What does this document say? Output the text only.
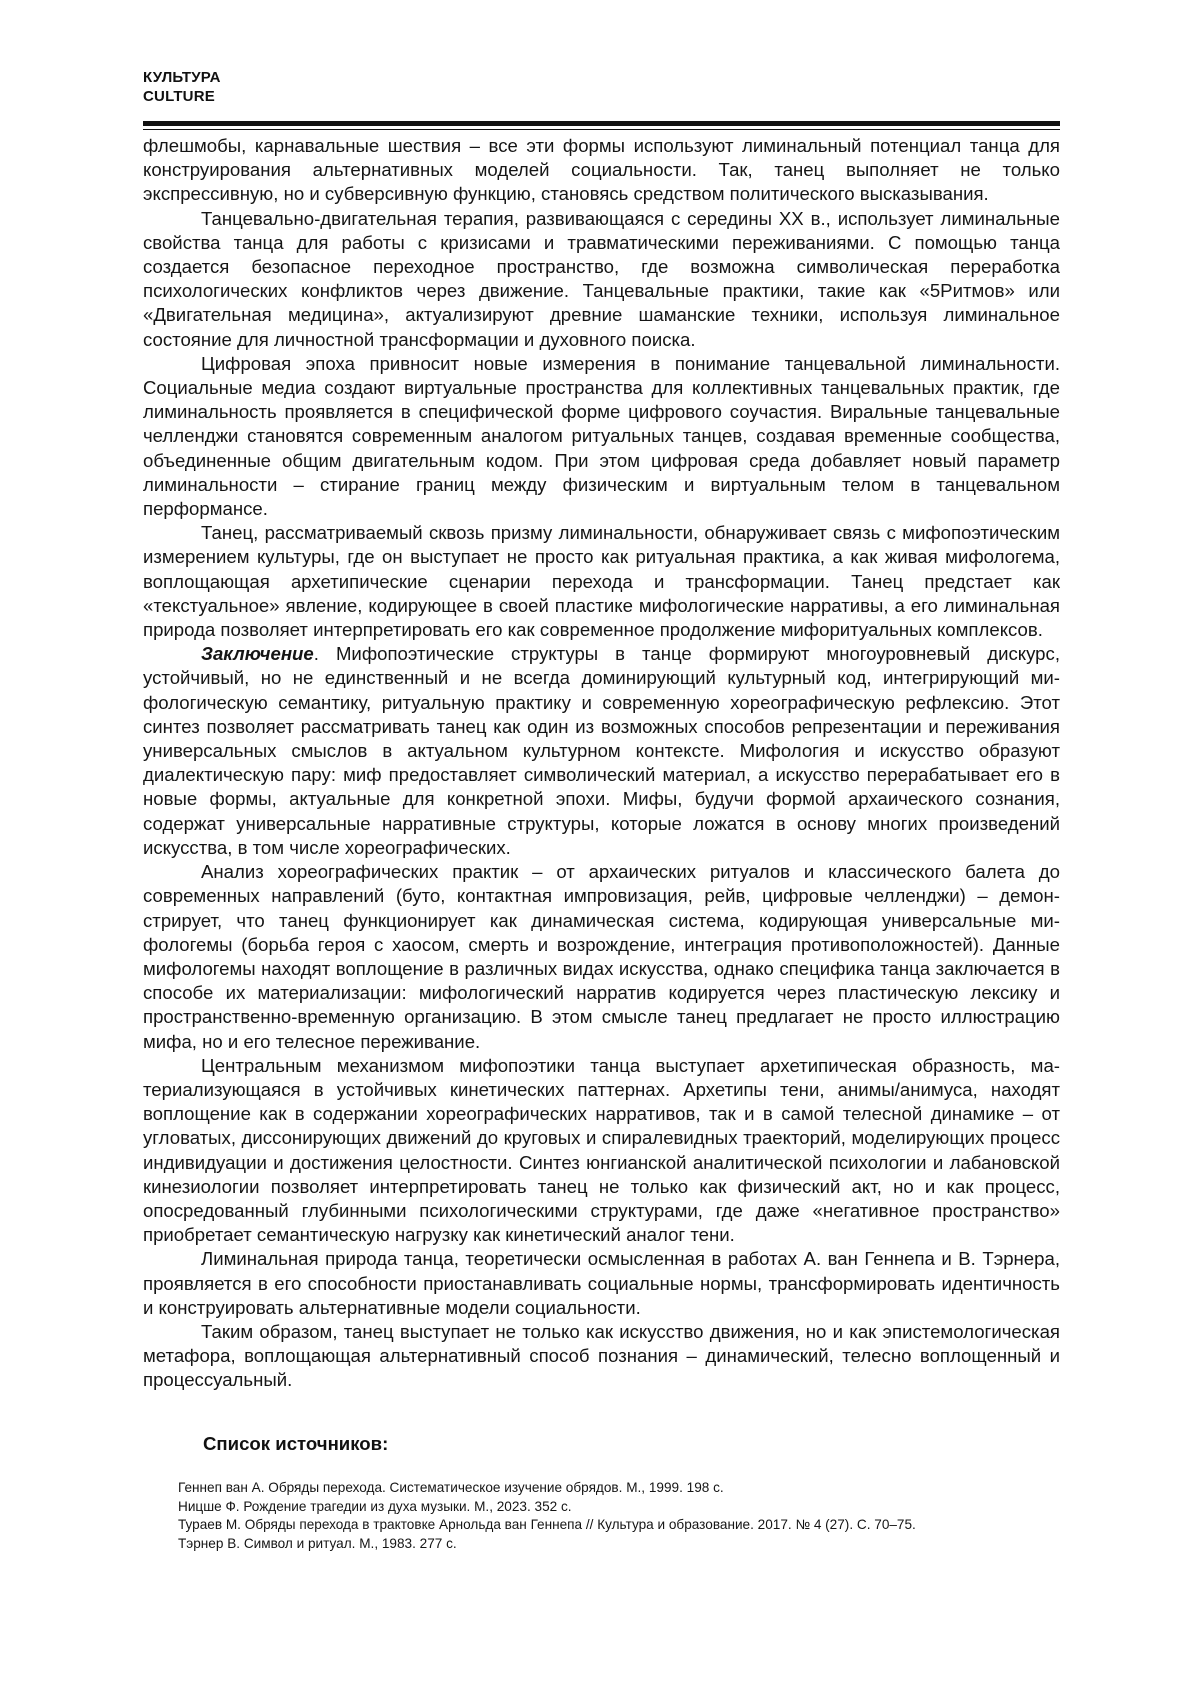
КУЛЬТУРА
CULTURE

флешмобы, карнавальные шествия – все эти формы используют лиминальный потенциал танца для конструирования альтернативных моделей социальности. Так, танец выполняет не только экспрессивную, но и субверсивную функцию, становясь средством политического высказывания.

Танцевально-двигательная терапия, развивающаяся с середины ХХ в., использует лиминальные свойства танца для работы с кризисами и травматическими переживаниями. С помощью танца создается безопасное переходное пространство, где возможна символическая переработка психологических конфликтов через движение. Танцевальные практики, такие как «5Ритмов» или «Двигательная медицина», актуализируют древние шаманские техники, используя лиминальное состояние для личностной трансформации и духовного поиска.

Цифровая эпоха привносит новые измерения в понимание танцевальной лиминальности. Социальные медиа создают виртуальные пространства для коллективных танцевальных практик, где лиминальность проявляется в специфической форме цифрового соучастия. Виральные танцевальные челленджи становятся современным аналогом ритуальных танцев, создавая временные сообщества, объединенные общим двигательным кодом. При этом цифровая среда добавляет новый параметр лиминальности – стирание границ между физическим и виртуальным телом в танцевальном перформансе.

Танец, рассматриваемый сквозь призму лиминальности, обнаруживает связь с мифопоэтическим измерением культуры, где он выступает не просто как ритуальная практика, а как живая мифологема, воплощающая архетипические сценарии перехода и трансформации. Танец предстает как «текстуальное» явление, кодирующее в своей пластике мифологические нарративы, а его лиминальная природа позволяет интерпретировать его как современное продолжение мифоритуальных комплексов.

Заключение. Мифопоэтические структуры в танце формируют многоуровневый дискурс, устойчивый, но не единственный и не всегда доминирующий культурный код, интегрирующий мифологическую семантику, ритуальную практику и современную хореографическую рефлексию. Этот синтез позволяет рассматривать танец как один из возможных способов репрезентации и переживания универсальных смыслов в актуальном культурном контексте. Мифология и искусство образуют диалектическую пару: миф предоставляет символический материал, а искусство перерабатывает его в новые формы, актуальные для конкретной эпохи. Мифы, будучи формой архаического сознания, содержат универсальные нарративные структуры, которые ложатся в основу многих произведений искусства, в том числе хореографических.

Анализ хореографических практик – от архаических ритуалов и классического балета до современных направлений (буто, контактная импровизация, рейв, цифровые челленджи) – демонстрирует, что танец функционирует как динамическая система, кодирующая универсальные мифологемы (борьба героя с хаосом, смерть и возрождение, интеграция противоположностей). Данные мифологемы находят воплощение в различных видах искусства, однако специфика танца заключается в способе их материализации: мифологический нарратив кодируется через пластическую лексику и пространственно-временную организацию. В этом смысле танец предлагает не просто иллюстрацию мифа, но и его телесное переживание.

Центральным механизмом мифопоэтики танца выступает архетипическая образность, материализующаяся в устойчивых кинетических паттернах. Архетипы тени, анимы/анимуса, находят воплощение как в содержании хореографических нарративов, так и в самой телесной динамике – от угловатых, диссонирующих движений до круговых и спиралевидных траекторий, моделирующих процесс индивидуации и достижения целостности. Синтез юнгианской аналитической психологии и лабановской кинезиологии позволяет интерпретировать танец не только как физический акт, но и как процесс, опосредованный глубинными психологическими структурами, где даже «негативное пространство» приобретает семантическую нагрузку как кинетический аналог тени.

Лиминальная природа танца, теоретически осмысленная в работах А. ван Геннепа и В. Тэрнера, проявляется в его способности приостанавливать социальные нормы, трансформировать идентичность и конструировать альтернативные модели социальности.

Таким образом, танец выступает не только как искусство движения, но и как эпистемологическая метафора, воплощающая альтернативный способ познания – динамический, телесно воплощенный и процессуальный.

Список источников:
Геннеп ван А. Обряды перехода. Систематическое изучение обрядов. М., 1999. 198 с.
Ницше Ф. Рождение трагедии из духа музыки. М., 2023. 352 с.
Тураев М. Обряды перехода в трактовке Арнольда ван Геннепа // Культура и образование. 2017. № 4 (27). С. 70–75.
Тэрнер В. Символ и ритуал. М., 1983. 277 с.
